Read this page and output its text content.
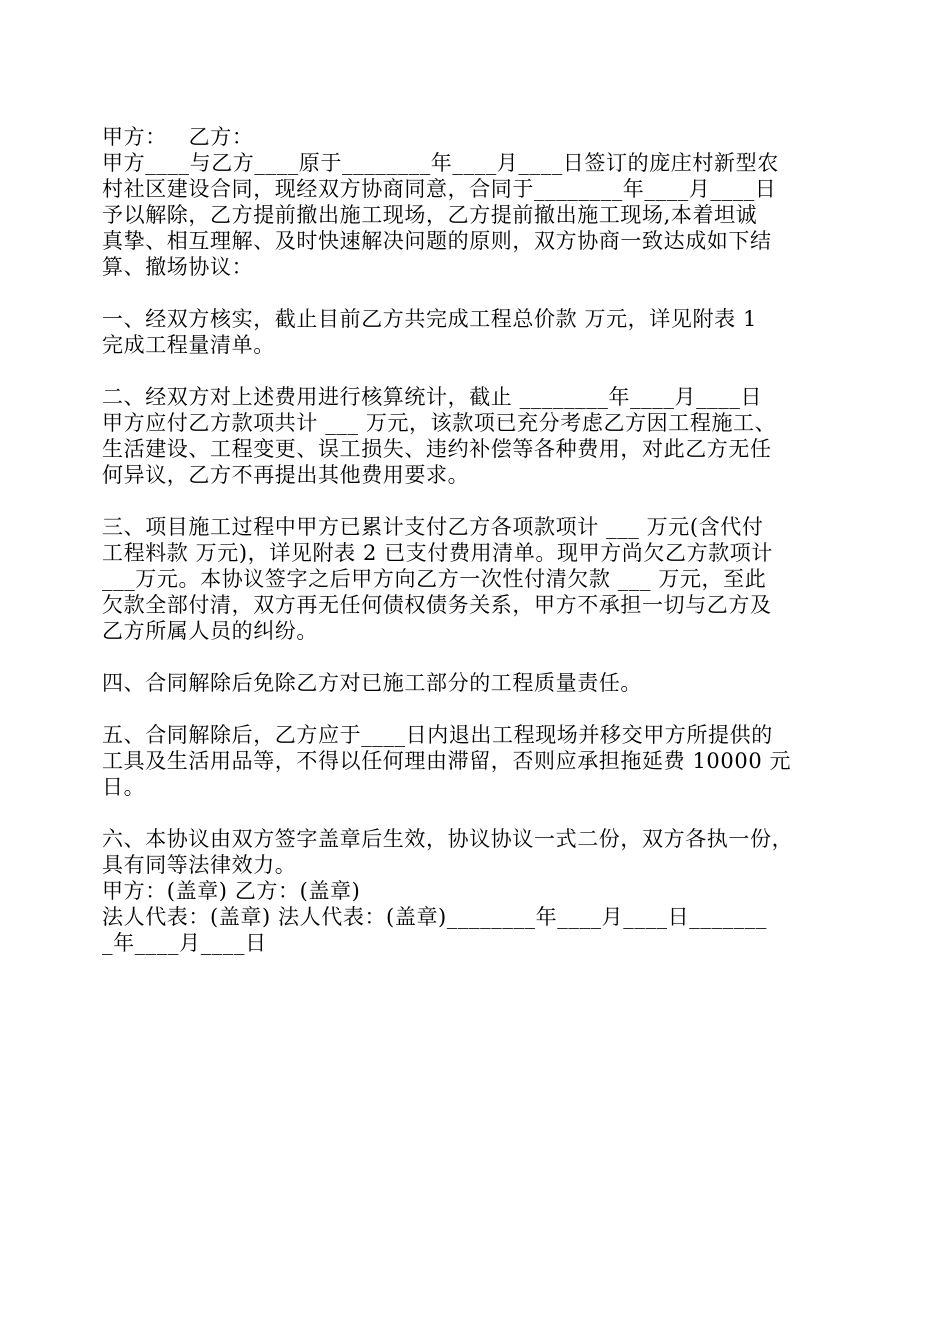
甲方：   乙方：
甲方____与乙方____原于________年____月____日签订的庞庄村新型农
村社区建设合同，现经双方协商同意，合同于________年____月____日
予以解除，乙方提前撤出施工现场，乙方提前撤出施工现场,本着坦诚
真挚、相互理解、及时快速解决问题的原则，双方协商一致达成如下结
算、撤场协议：
一、经双方核实，截止目前乙方共完成工程总价款 万元，详见附表 1
完成工程量清单。
二、经双方对上述费用进行核算统计，截止 ________年____月____日
甲方应付乙方款项共计 ___ 万元，该款项已充分考虑乙方因工程施工、
生活建设、工程变更、误工损失、违约补偿等各种费用，对此乙方无任
何异议，乙方不再提出其他费用要求。
三、项目施工过程中甲方已累计支付乙方各项款项计 ___ 万元(含代付
工程料款 万元)，详见附表 2 已支付费用清单。现甲方尚欠乙方款项计
___万元。本协议签字之后甲方向乙方一次性付清欠款 ___ 万元，至此
欠款全部付清，双方再无任何债权债务关系，甲方不承担一切与乙方及
乙方所属人员的纠纷。
四、合同解除后免除乙方对已施工部分的工程质量责任。
五、合同解除后，乙方应于____日内退出工程现场并移交甲方所提供的
工具及生活用品等，不得以任何理由滞留，否则应承担拖延费 10000 元
日。
六、本协议由双方签字盖章后生效，协议协议一式二份，双方各执一份，
具有同等法律效力。
甲方：(盖章) 乙方：(盖章)
法人代表：(盖章) 法人代表：(盖章)________年____月____日_______
_年____月____日
